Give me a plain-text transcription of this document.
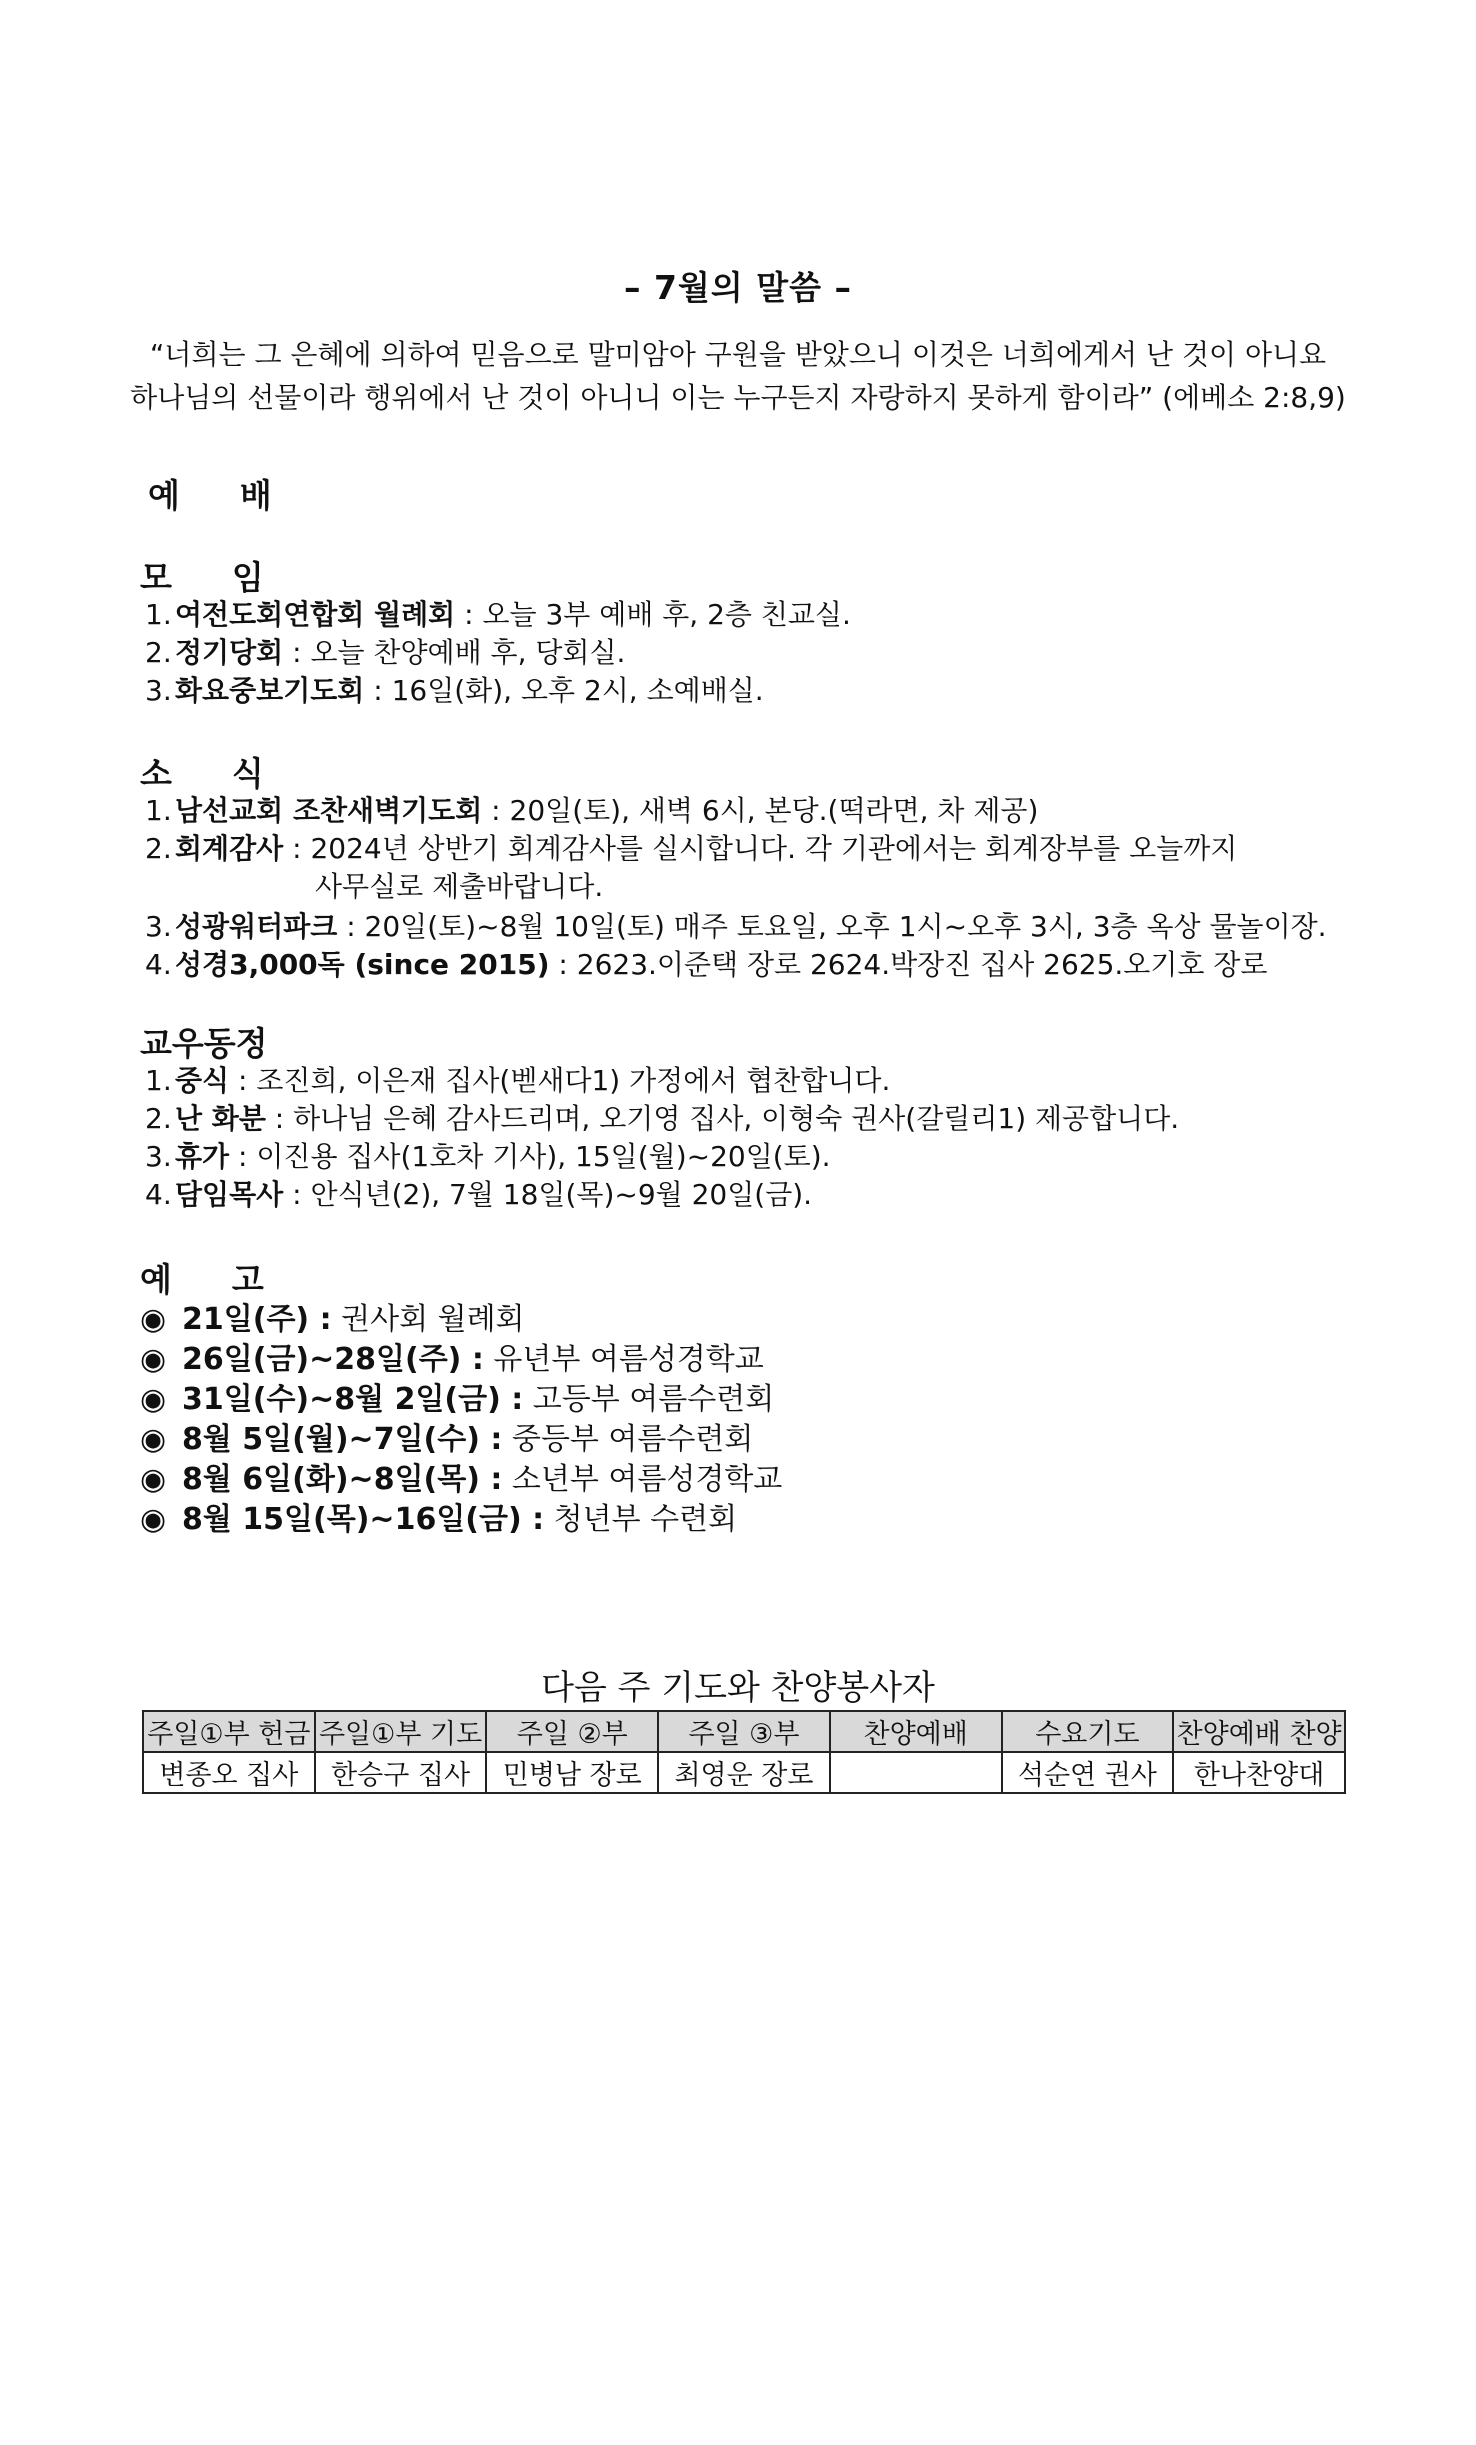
– 7월의 말씀 –
“너희는 그 은혜에 의하여 믿음으로 말미암아 구원을 받았으니 이것은 너희에게서 난 것이 아니요
하나님의 선물이라 행위에서 난 것이 아니니 이는 누구든지 자랑하지 못하게 함이라” (에베소 2:8,9)
예 배
모 임
1. 여전도회연합회 월례회 : 오늘 3부 예배 후, 2층 친교실.
2. 정기당회 : 오늘 찬양예배 후, 당회실.
3. 화요중보기도회 : 16일(화), 오후 2시, 소예배실.
소 식
1. 남선교회 조찬새벽기도회 : 20일(토), 새벽 6시, 본당.(떡라면, 차 제공)
2. 회계감사 : 2024년 상반기 회계감사를 실시합니다. 각 기관에서는 회계장부를 오늘까지
사무실로 제출바랍니다.
3. 성광워터파크 : 20일(토)~8월 10일(토) 매주 토요일, 오후 1시~오후 3시, 3층 옥상 물놀이장.
4. 성경3,000독 (since 2015) : 2623.이준택 장로 2624.박장진 집사 2625.오기호 장로
교우동정
1. 중식 : 조진희, 이은재 집사(벧새다1) 가정에서 협찬합니다.
2. 난 화분 : 하나님 은혜 감사드리며, 오기영 집사, 이형숙 권사(갈릴리1) 제공합니다.
3. 휴가 : 이진용 집사(1호차 기사), 15일(월)~20일(토).
4. 담임목사 : 안식년(2), 7월 18일(목)~9월 20일(금).
예 고
◉ 21일(주) : 권사회 월례회
◉ 26일(금)~28일(주) : 유년부 여름성경학교
◉ 31일(수)~8월 2일(금) : 고등부 여름수련회
◉ 8월 5일(월)~7일(수) : 중등부 여름수련회
◉ 8월 6일(화)~8일(목) : 소년부 여름성경학교
◉ 8월 15일(목)~16일(금) : 청년부 수련회
다음 주 기도와 찬양봉사자
주일①부 헌금	주일①부 기도	주일 ②부	주일 ③부	찬양예배	수요기도	찬양예배 찬양
변종오 집사	한승구 집사	민병남 장로	최영운 장로		석순연 권사	한나찬양대
